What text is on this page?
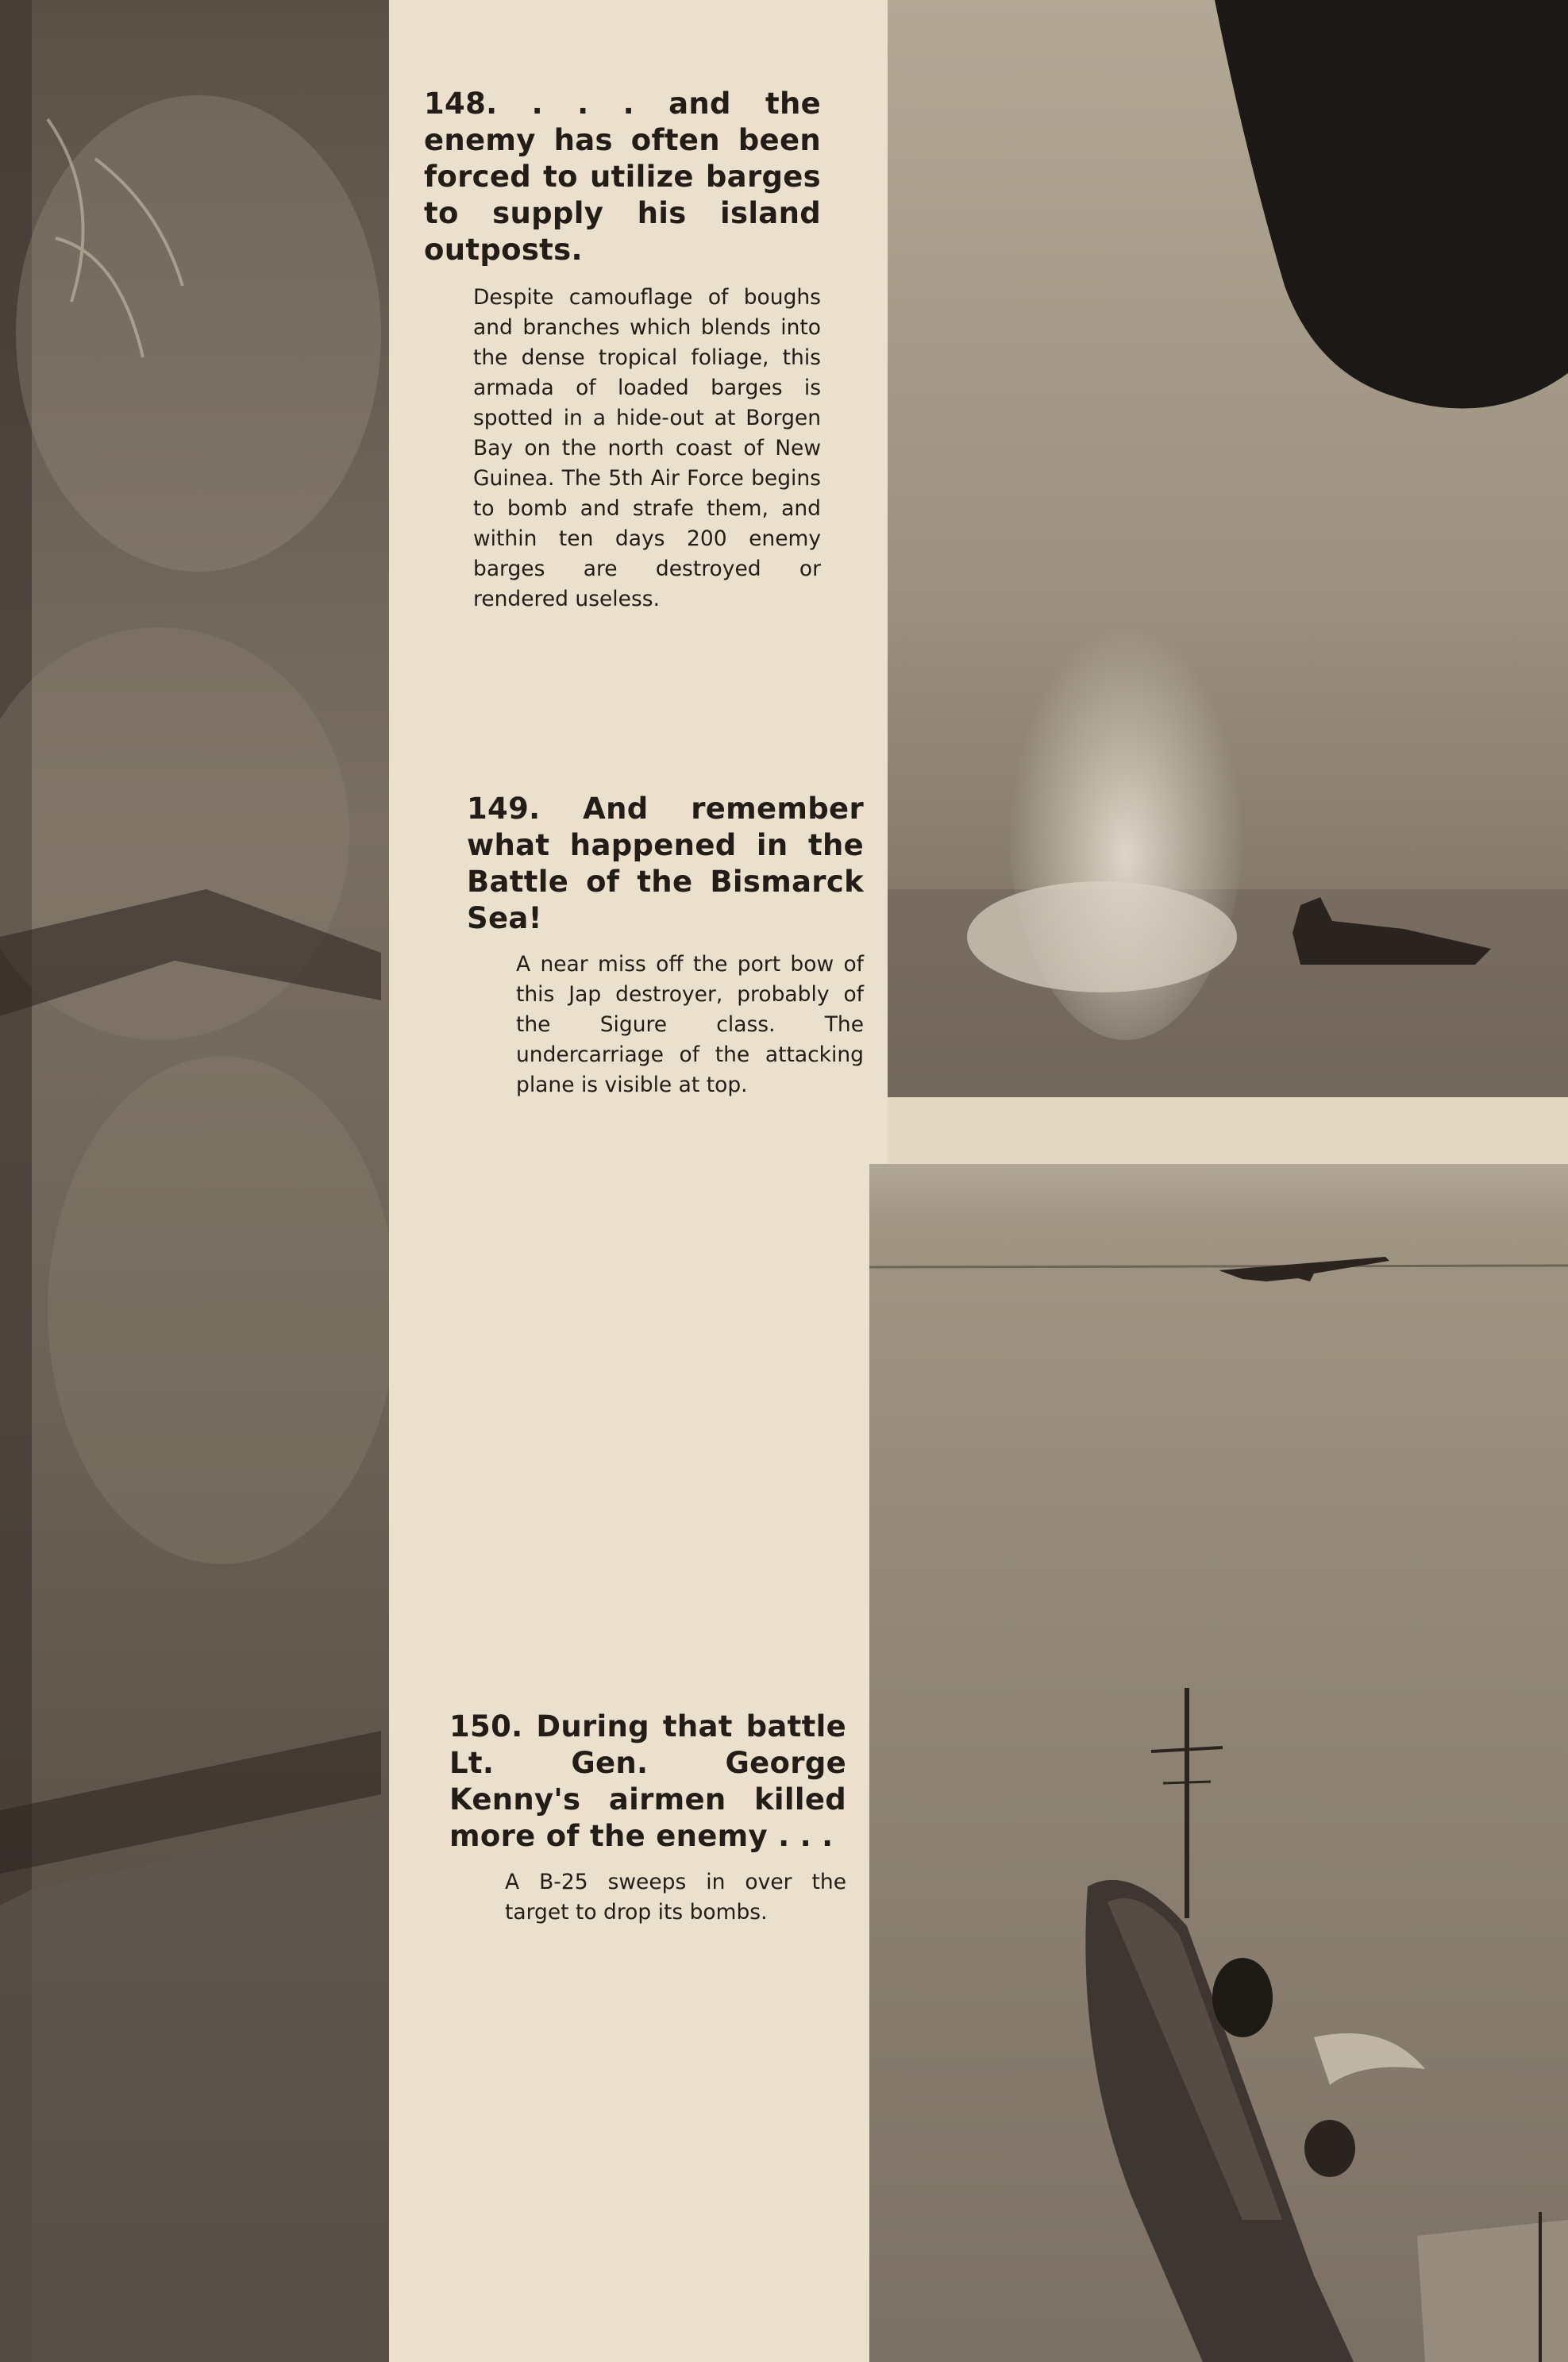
148. . . . and the enemy has often been forced to utilize barges to supply his island outposts.

Despite camouflage of boughs and branches which blends into the dense tropical foliage, this armada of loaded barges is spotted in a hide-out at Borgen Bay on the north coast of New Guinea. The 5th Air Force begins to bomb and strafe them, and within ten days 200 enemy barges are destroyed or rendered useless.

149. And remember what happened in the Battle of the Bismarck Sea!

A near miss off the port bow of this Jap destroyer, probably of the Sigure class. The undercarriage of the attacking plane is visible at top.

150. During that battle Lt. Gen. George Kenny's airmen killed more of the enemy . . .

A B-25 sweeps in over the target to drop its bombs.
